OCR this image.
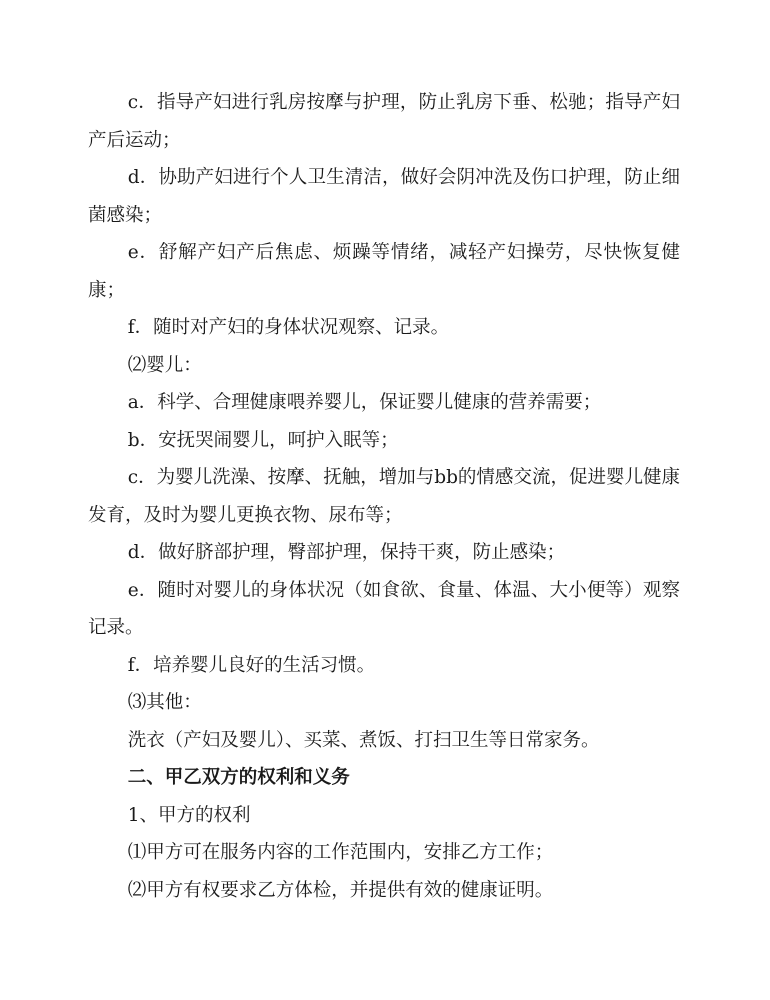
c．指导产妇进行乳房按摩与护理，防止乳房下垂、松驰；指导产妇产后运动；

d．协助产妇进行个人卫生清洁，做好会阴冲洗及伤口护理，防止细菌感染；

e．舒解产妇产后焦虑、烦躁等情绪，减轻产妇操劳，尽快恢复健康；

f．随时对产妇的身体状况观察、记录。

⑵婴儿：

a．科学、合理健康喂养婴儿，保证婴儿健康的营养需要；

b．安抚哭闹婴儿，呵护入眠等；

c．为婴儿洗澡、按摩、抚触，增加与bb的情感交流，促进婴儿健康发育，及时为婴儿更换衣物、尿布等；

d．做好脐部护理，臀部护理，保持干爽，防止感染；

e．随时对婴儿的身体状况（如食欲、食量、体温、大小便等）观察记录。

f．培养婴儿良好的生活习惯。

⑶其他：

洗衣（产妇及婴儿）、买菜、煮饭、打扫卫生等日常家务。

二、甲乙双方的权利和义务

1、甲方的权利

⑴甲方可在服务内容的工作范围内，安排乙方工作；

⑵甲方有权要求乙方体检，并提供有效的健康证明。
